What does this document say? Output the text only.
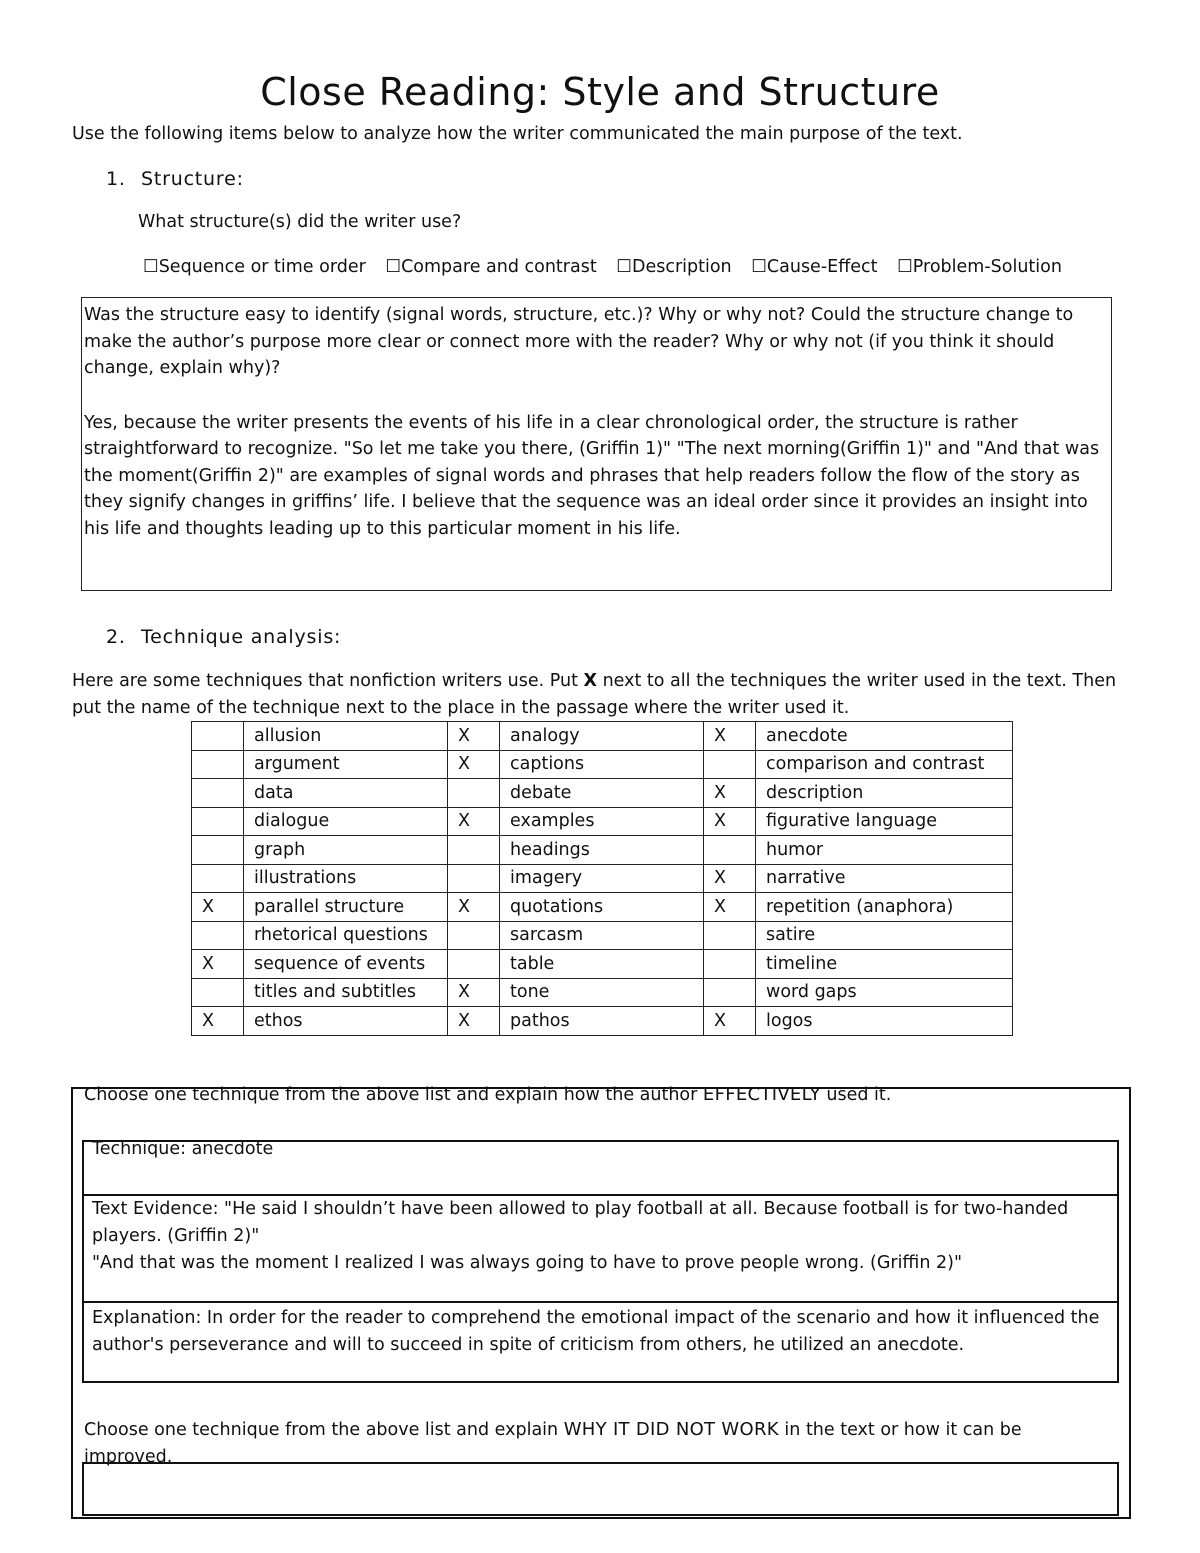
Close Reading: Style and Structure
Use the following items below to analyze how the writer communicated the main purpose of the text.
1. Structure:
What structure(s) did the writer use?
☐Sequence or time order ☐Compare and contrast ☐Description ☐Cause-Effect ☐Problem-Solution

Was the structure easy to identify (signal words, structure, etc.)? Why or why not? Could the structure change to make the author’s purpose more clear or connect more with the reader? Why or why not (if you think it should change, explain why)?

Yes, because the writer presents the events of his life in a clear chronological order, the structure is rather straightforward to recognize. "So let me take you there, (Griffin 1)" "The next morning(Griffin 1)" and "And that was the moment(Griffin 2)" are examples of signal words and phrases that help readers follow the flow of the story as they signify changes in griffins’ life. I believe that the sequence was an ideal order since it provides an insight into his life and thoughts leading up to this particular moment in his life.

2. Technique analysis:
Here are some techniques that nonfiction writers use. Put X next to all the techniques the writer used in the text. Then put the name of the technique next to the place in the passage where the writer used it.
	allusion	X	analogy	X	anecdote
	argument	X	captions		comparison and contrast
	data		debate	X	description
	dialogue	X	examples	X	figurative language
	graph		headings		humor
	illustrations		imagery	X	narrative
X	parallel structure	X	quotations	X	repetition (anaphora)
	rhetorical questions		sarcasm		satire
X	sequence of events		table		timeline
	titles and subtitles	X	tone		word gaps
X	ethos	X	pathos	X	logos
Choose one technique from the above list and explain how the author EFFECTIVELY used it.
Technique: anecdote
Text Evidence: "He said I shouldn’t have been allowed to play football at all. Because football is for two-handed players. (Griffin 2)"
"And that was the moment I realized I was always going to have to prove people wrong. (Griffin 2)"
Explanation: In order for the reader to comprehend the emotional impact of the scenario and how it influenced the author's perseverance and will to succeed in spite of criticism from others, he utilized an anecdote.
Choose one technique from the above list and explain WHY IT DID NOT WORK in the text or how it can be improved.
